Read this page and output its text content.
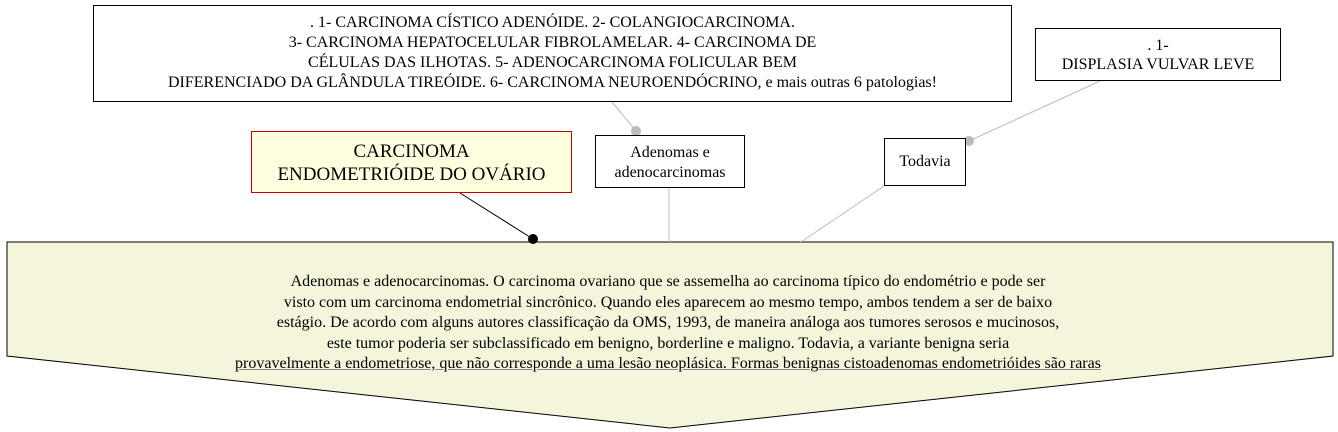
. 1- CARCINOMA CÍSTICO ADENÓIDE. 2- COLANGIOCARCINOMA.
3- CARCINOMA HEPATOCELULAR FIBROLAMELAR. 4- CARCINOMA DE
CÉLULAS DAS ILHOTAS. 5- ADENOCARCINOMA FOLICULAR BEM
DIFERENCIADO DA GLÂNDULA TIREÓIDE. 6- CARCINOMA NEUROENDÓCRINO, e mais outras 6 patologias!
. 1-
DISPLASIA VULVAR LEVE
CARCINOMA
ENDOMETRIÓIDE DO OVÁRIO
Adenomas e
adenocarcinomas
Todavia
Adenomas e adenocarcinomas. O carcinoma ovariano que se assemelha ao carcinoma típico do endométrio e pode ser
visto com um carcinoma endometrial sincrônico. Quando eles aparecem ao mesmo tempo, ambos tendem a ser de baixo
estágio. De acordo com alguns autores classificação da OMS, 1993, de maneira análoga aos tumores serosos e mucinosos,
este tumor poderia ser subclassificado em benigno, borderline e maligno. Todavia, a variante benigna seria
provavelmente a endometriose, que não corresponde a uma lesão neoplásica. Formas benignas cistoadenomas endometrióides são raras
